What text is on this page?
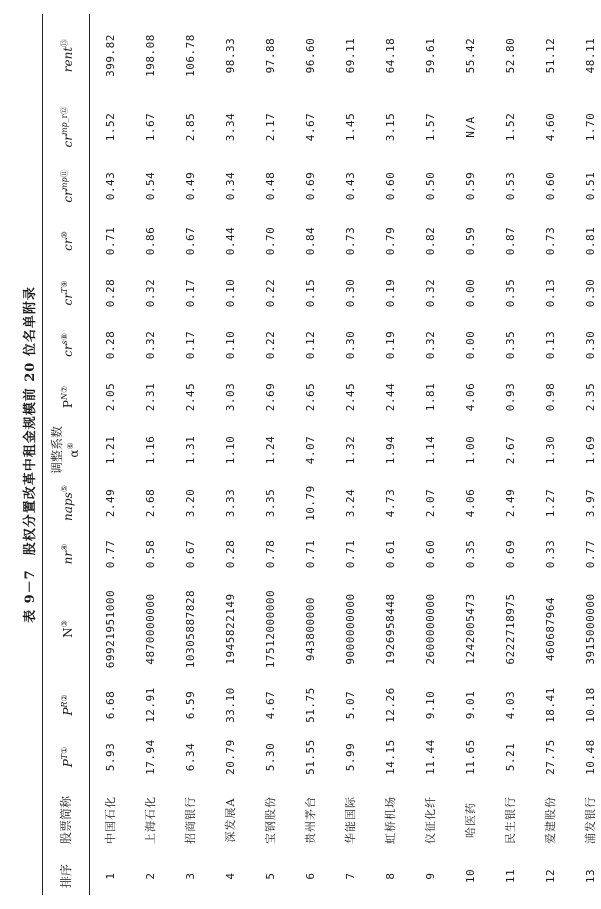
表 9－7　股权分置改革中租金规模前 20 位名单附录
排序	股票简称	$P^{T①}$	$P^{R②}$	N③	nr④	naps⑤	调整系数 α⑥	$P^{N⑦}$	$cr^{s⑧}$	$cr^{T⑨}$	cr⑩	$cr^{mp⑪}$	$cr^{mp\_r⑫}$	rent⑬
1	中国石化	5.93	6.68	69921951000	0.77	2.49	1.21	2.05	0.28	0.28	0.71	0.43	1.52	399.82
2	上海石化	17.94	12.91	4870000000	0.58	2.68	1.16	2.31	0.32	0.32	0.86	0.54	1.67	198.08
3	招商银行	6.34	6.59	10305887828	0.67	3.20	1.31	2.45	0.17	0.17	0.67	0.49	2.85	106.78
4	深发展A	20.79	33.10	1945822149	0.28	3.33	1.10	3.03	0.10	0.10	0.44	0.34	3.34	98.33
5	宝钢股份	5.30	4.67	17512000000	0.78	3.35	1.24	2.69	0.22	0.22	0.70	0.48	2.17	97.88
6	贵州茅台	51.55	51.75	943800000	0.71	10.79	4.07	2.65	0.12	0.15	0.84	0.69	4.67	96.60
7	华能国际	5.99	5.07	9000000000	0.71	3.24	1.32	2.45	0.30	0.30	0.73	0.43	1.45	69.11
8	虹桥机场	14.15	12.26	1926958448	0.61	4.73	1.94	2.44	0.19	0.19	0.79	0.60	3.15	64.18
9	仪征化纤	11.44	9.10	2600000000	0.60	2.07	1.14	1.81	0.32	0.32	0.82	0.50	1.57	59.61
10	哈医药	11.65	9.01	1242005473	0.35	4.06	1.00	4.06	0.00	0.00	0.59	0.59	N/A	55.42
11	民生银行	5.21	4.03	6222718975	0.69	2.49	2.67	0.93	0.35	0.35	0.87	0.53	1.52	52.80
12	爱建股份	27.75	18.41	460687964	0.33	1.27	1.30	0.98	0.13	0.13	0.73	0.60	4.60	51.12
13	浦发银行	10.48	10.18	3915000000	0.77	3.97	1.69	2.35	0.30	0.30	0.81	0.51	1.70	48.11
